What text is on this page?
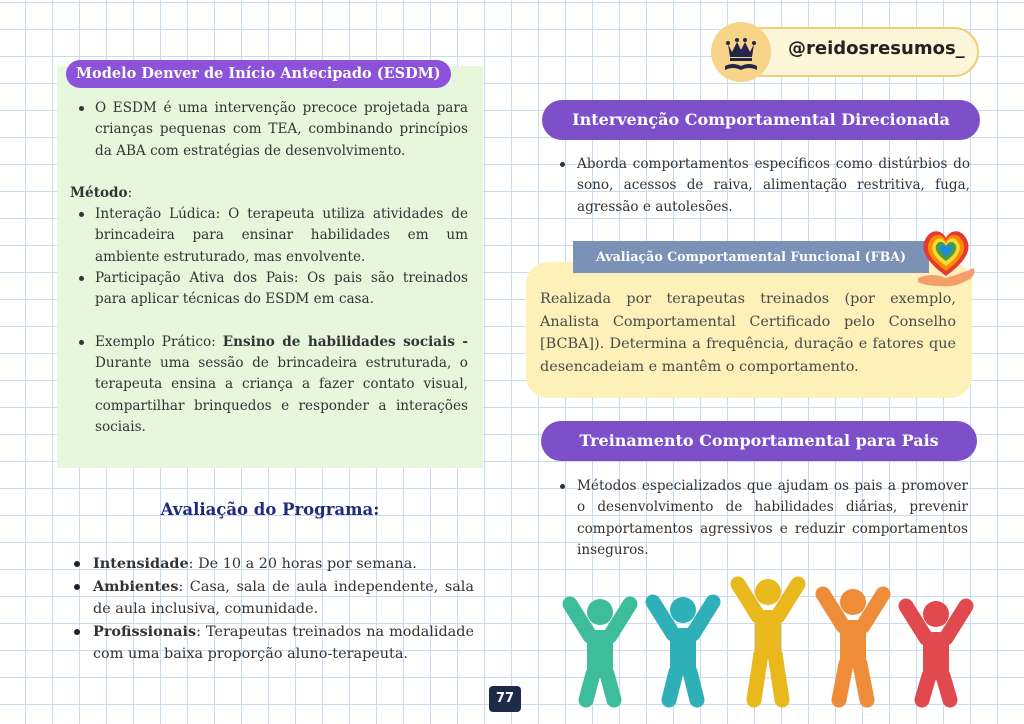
Modelo Denver de Início Antecipado (ESDM)
O ESDM é uma intervenção precoce projetada para crianças pequenas com TEA, combinando princípios da ABA com estratégias de desenvolvimento.

Método:

Interação Lúdica: O terapeuta utiliza atividades de brincadeira para ensinar habilidades em um ambiente estruturado, mas envolvente.
Participação Ativa dos Pais: Os pais são treinados para aplicar técnicas do ESDM em casa.
Exemplo Prático: Ensino de habilidades sociais - Durante uma sessão de brincadeira estruturada, o terapeuta ensina a criança a fazer contato visual, compartilhar brinquedos e responder a interações sociais.
Avaliação do Programa:
Intensidade: De 10 a 20 horas por semana.
Ambientes: Casa, sala de aula independente, sala de aula inclusiva, comunidade.
Profissionais: Terapeutas treinados na modalidade com uma baixa proporção aluno-terapeuta.
@reidosresumos_
Intervenção Comportamental Direcionada
Aborda comportamentos específicos como distúrbios do sono, acessos de raiva, alimentação restritiva, fuga, agressão e autolesões.
Avaliação Comportamental Funcional (FBA)
Realizada por terapeutas treinados (por exemplo, Analista Comportamental Certificado pelo Conselho [BCBA]). Determina a frequência, duração e fatores que desencadeiam e mantêm o comportamento.
Treinamento Comportamental para Pais
Métodos especializados que ajudam os pais a promover o desenvolvimento de habilidades diárias, prevenir comportamentos agressivos e reduzir comportamentos inseguros.
77
